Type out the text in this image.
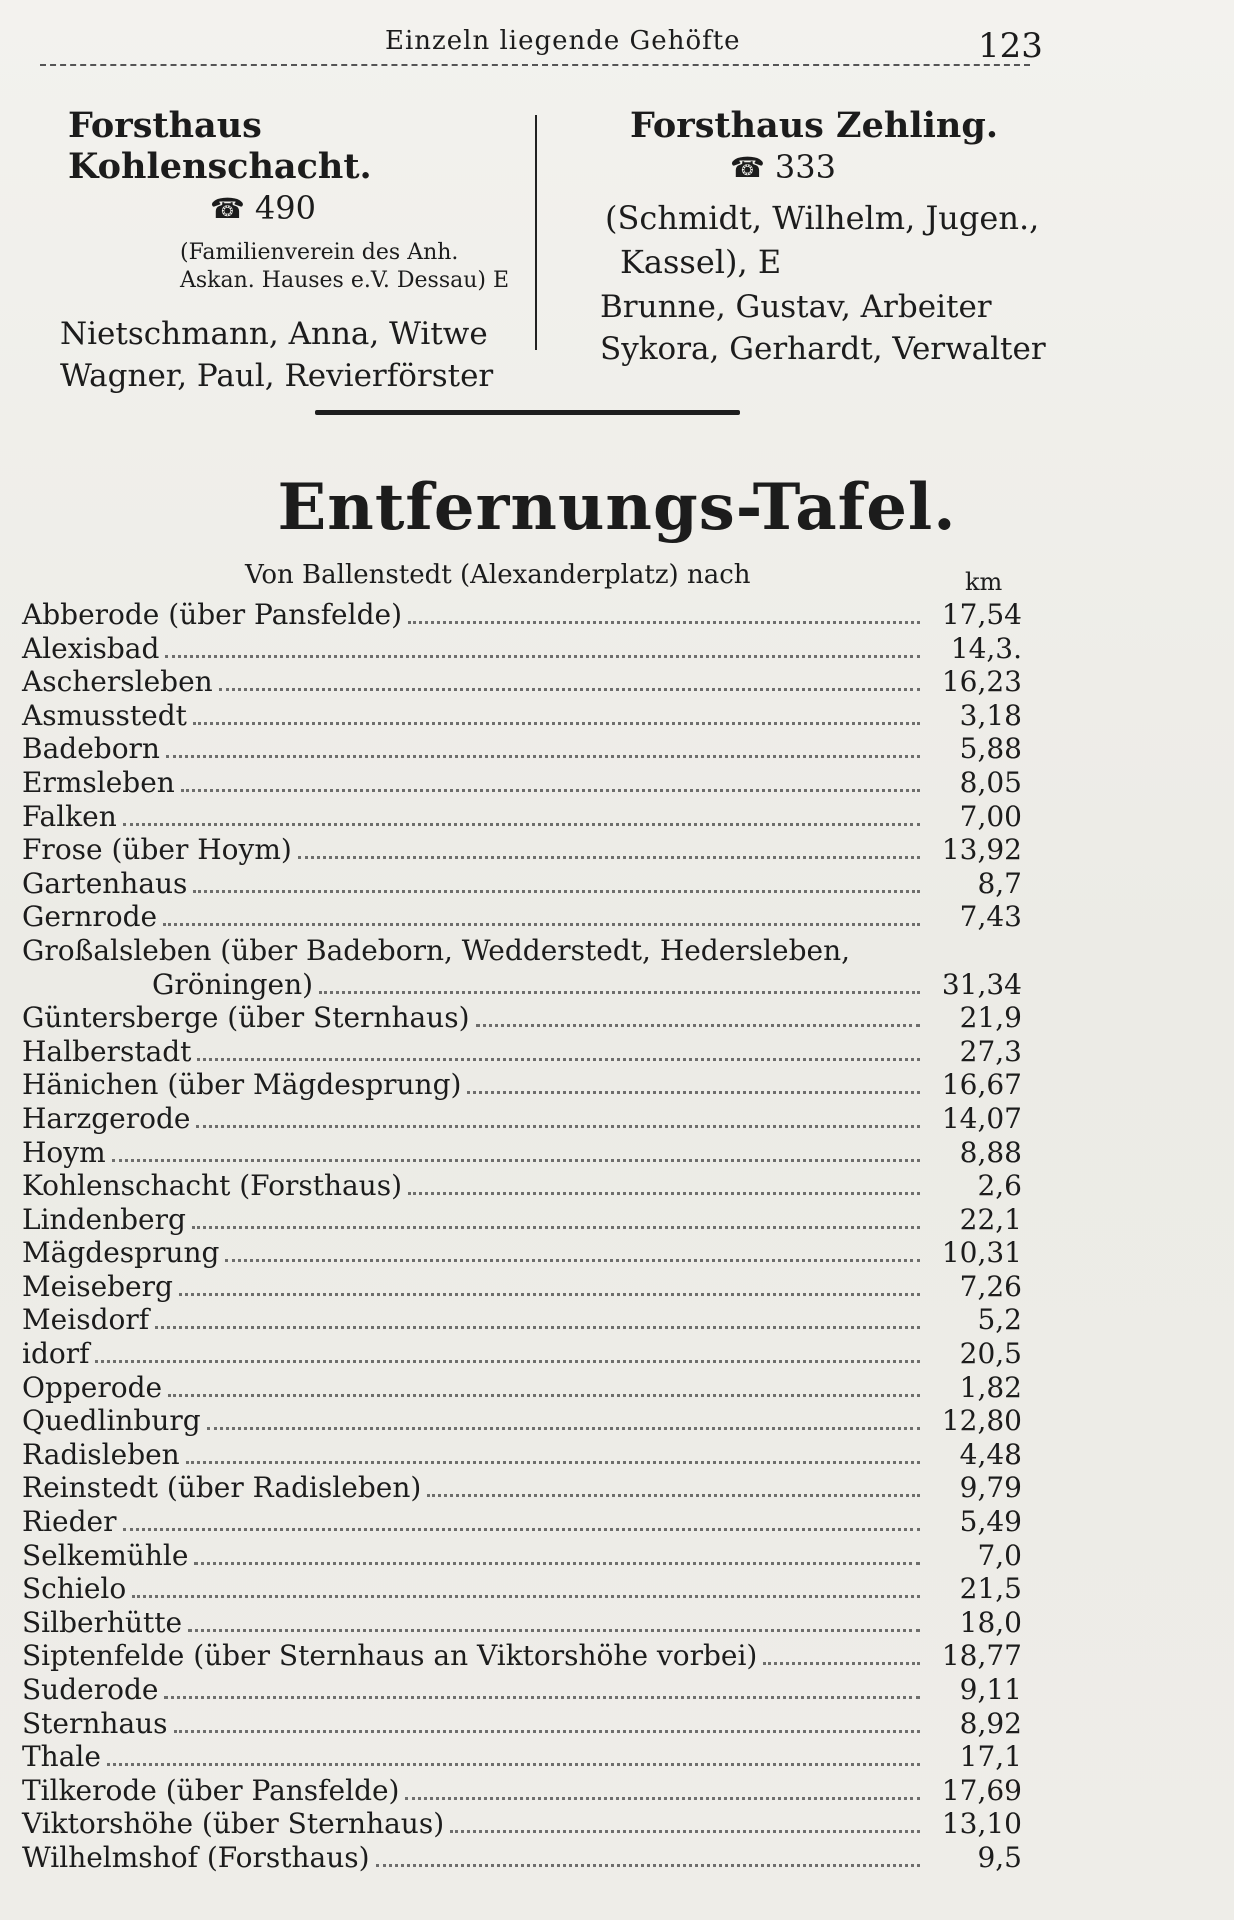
Einzeln liegende Gehöfte	123
Forsthaus Kohlenschacht.
☎ 490
(Familienverein des Anh.
Askan. Hauses e.V. Dessau) E
Nietschmann, Anna, Witwe
Wagner, Paul, Revierförster
Forsthaus Zehling.
☎ 333
(Schmidt, Wilhelm, Jugen.,
Kassel), E
Brunne, Gustav, Arbeiter
Sykora, Gerhardt, Verwalter
Entfernungs-Tafel.
Von Ballenstedt (Alexanderplatz) nach	km
Abberode (über Pansfelde)	17,54
Alexisbad	14,3.
Aschersleben	16,23
Asmusstedt	3,18
Badeborn	5,88
Ermsleben	8,05
Falken	7,00
Frose (über Hoym)	13,92
Gartenhaus	8,7
Gernrode	7,43
Großalsleben (über Badeborn, Wedderstedt, Hedersleben,
Gröningen)	31,34
Güntersberge (über Sternhaus)	21,9
Halberstadt	27,3
Hänichen (über Mägdesprung)	16,67
Harzgerode	14,07
Hoym	8,88
Kohlenschacht (Forsthaus)	2,6
Lindenberg	22,1
Mägdesprung	10,31
Meiseberg	7,26
Meisdorf	5,2
idorf	20,5
Opperode	1,82
Quedlinburg	12,80
Radisleben	4,48
Reinstedt (über Radisleben)	9,79
Rieder	5,49
Selkemühle	7,0
Schielo	21,5
Silberhütte	18,0
Siptenfelde (über Sternhaus an Viktorshöhe vorbei)	18,77
Suderode	9,11
Sternhaus	8,92
Thale	17,1
Tilkerode (über Pansfelde)	17,69
Viktorshöhe (über Sternhaus)	13,10
Wilhelmshof (Forsthaus)	9,5
